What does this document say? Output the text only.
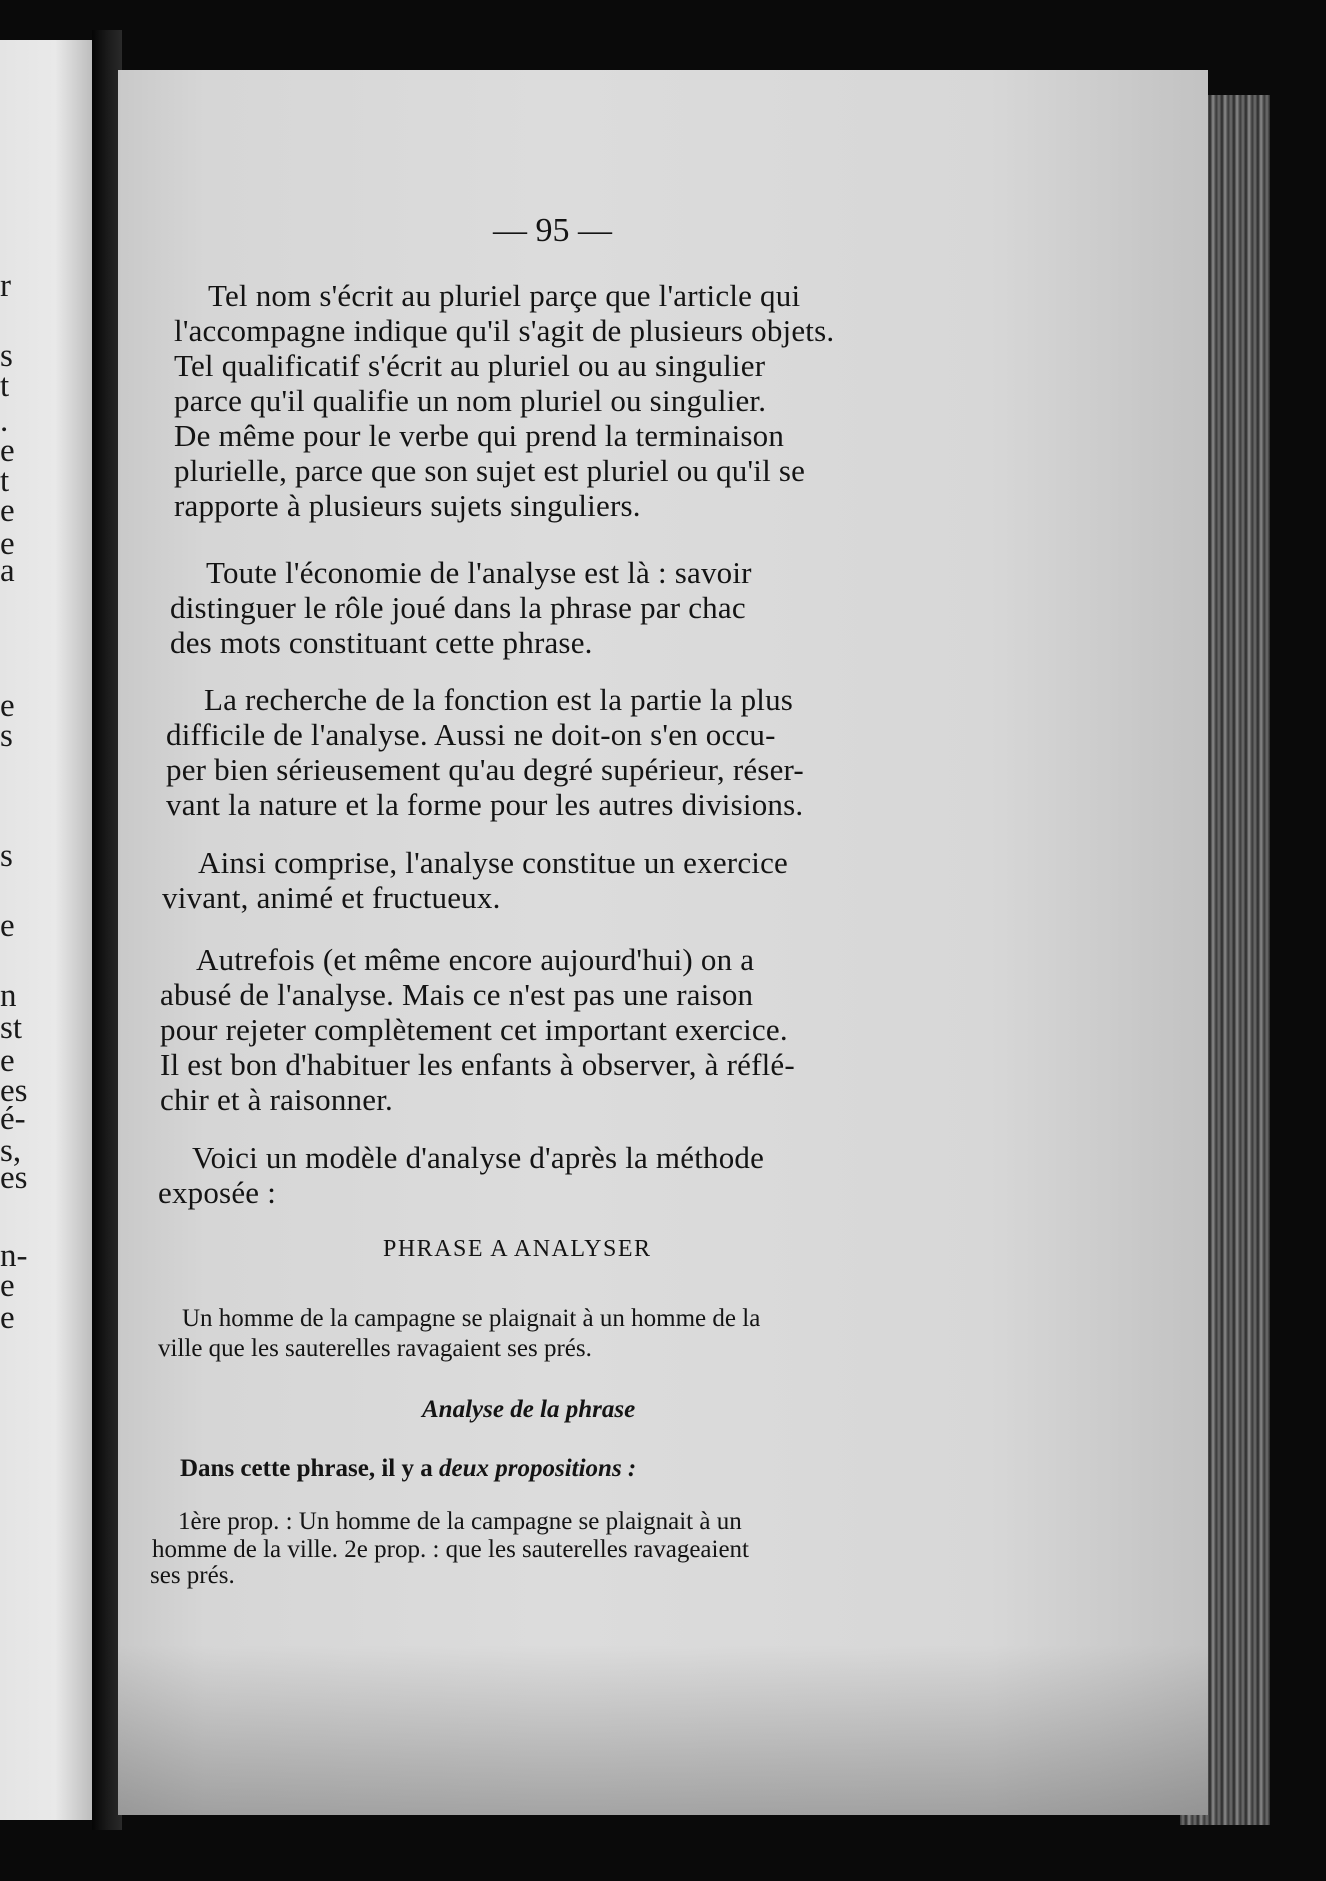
r
s
t
.
e
t
e
e
a
e
s
s
e
n
st
e
es
é-
s,
es
n-
e
e
— 95 —
Tel nom s'écrit au pluriel parçe que l'article qui
l'accompagne indique qu'il s'agit de plusieurs objets.
Tel qualificatif s'écrit au pluriel ou au singulier
parce qu'il qualifie un nom pluriel ou singulier.
De même pour le verbe qui prend la terminaison
plurielle, parce que son sujet est pluriel ou qu'il se
rapporte à plusieurs sujets singuliers.
Toute l'économie de l'analyse est là : savoir
distinguer le rôle joué dans la phrase par chac
des mots constituant cette phrase.
La recherche de la fonction est la partie la plus
difficile de l'analyse. Aussi ne doit-on s'en occu-
per bien sérieusement qu'au degré supérieur, réser-
vant la nature et la forme pour les autres divisions.
Ainsi comprise, l'analyse constitue un exercice
vivant, animé et fructueux.
Autrefois (et même encore aujourd'hui) on a
abusé de l'analyse. Mais ce n'est pas une raison
pour rejeter complètement cet important exercice.
Il est bon d'habituer les enfants à observer, à réflé-
chir et à raisonner.
Voici un modèle d'analyse d'après la méthode
exposée :
PHRASE A ANALYSER
Un homme de la campagne se plaignait à un homme de la
ville que les sauterelles ravagaient ses prés.
Analyse de la phrase
Dans cette phrase, il y a deux propositions :
1ère prop. : Un homme de la campagne se plaignait à un
homme de la ville. 2e prop. : que les sauterelles ravageaient
ses prés.
